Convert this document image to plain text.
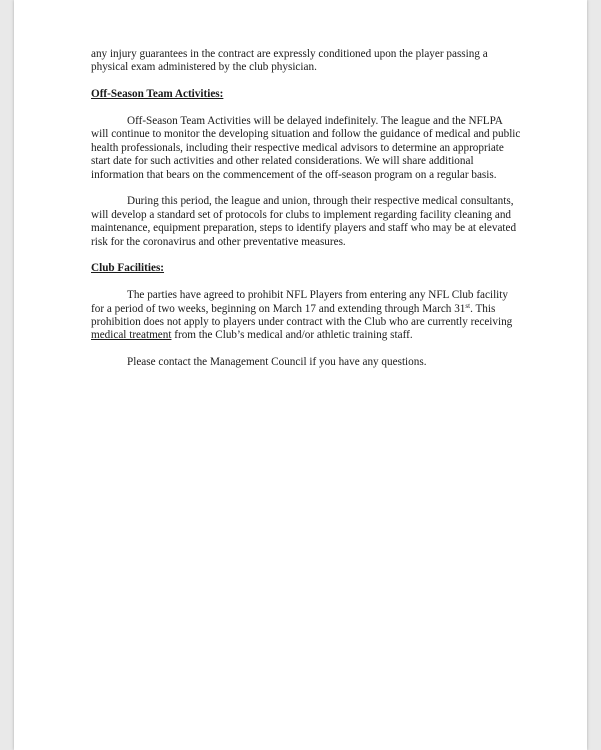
any injury guarantees in the contract are expressly conditioned upon the player passing a
physical exam administered by the club physician.

Off-Season Team Activities:

Off-Season Team Activities will be delayed indefinitely. The league and the NFLPA will continue to monitor the developing situation and follow the guidance of medical and public health professionals, including their respective medical advisors to determine an appropriate start date for such activities and other related considerations. We will share additional information that bears on the commencement of the off-season program on a regular basis.

During this period, the league and union, through their respective medical consultants, will develop a standard set of protocols for clubs to implement regarding facility cleaning and maintenance, equipment preparation, steps to identify players and staff who may be at elevated risk for the coronavirus and other preventative measures.

Club Facilities:

The parties have agreed to prohibit NFL Players from entering any NFL Club facility for a period of two weeks, beginning on March 17 and extending through March 31st. This prohibition does not apply to players under contract with the Club who are currently receiving medical treatment from the Club’s medical and/or athletic training staff.

Please contact the Management Council if you have any questions.
